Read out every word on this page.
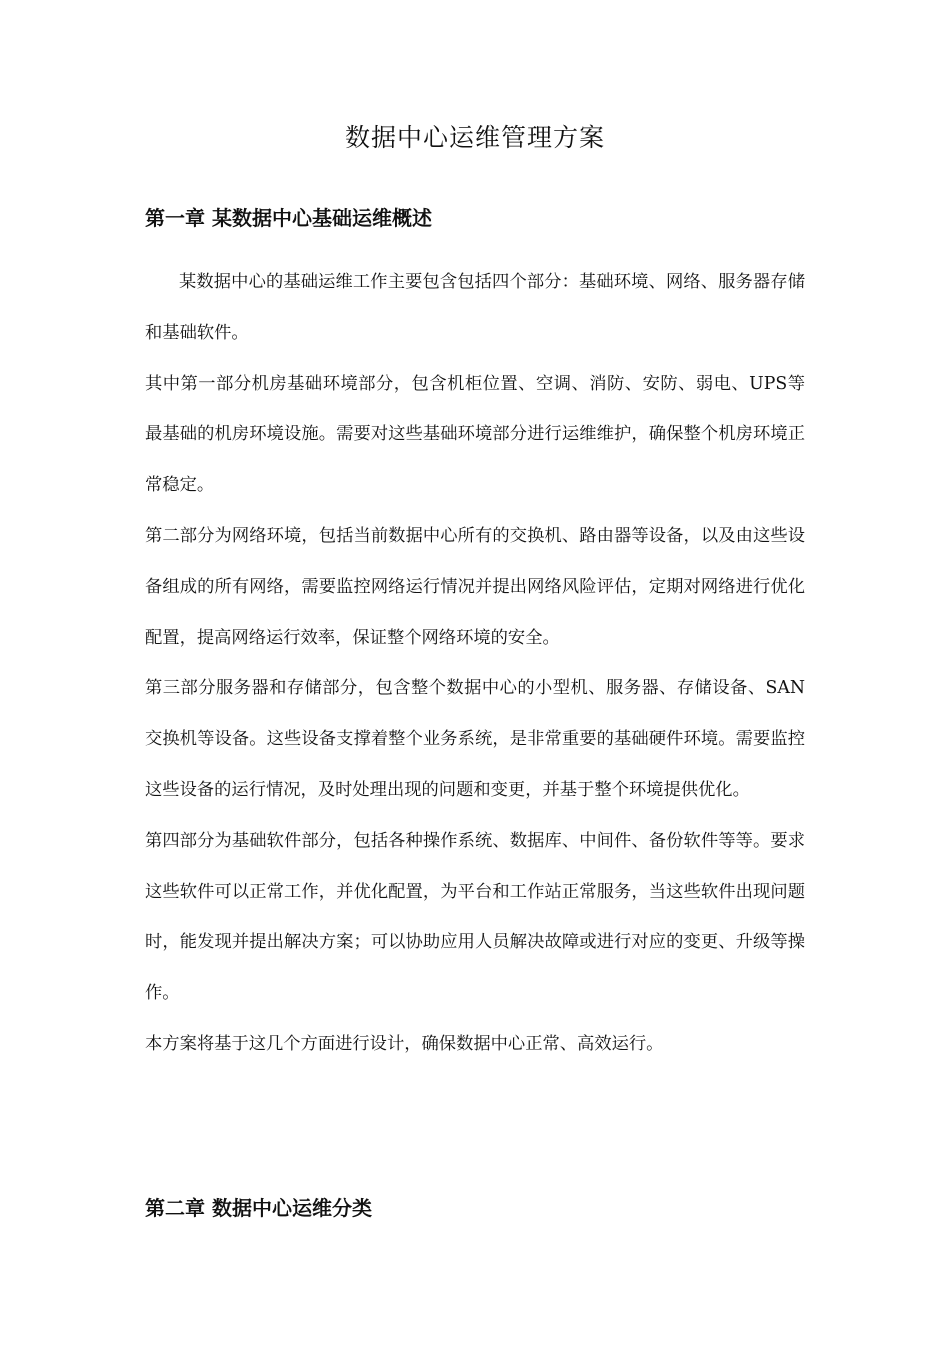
数据中心运维管理方案
第一章 某数据中心基础运维概述

某数据中心的基础运维工作主要包含包括四个部分：基础环境、网络、服务器存储和基础软件。

其中第一部分机房基础环境部分，包含机柜位置、空调、消防、安防、弱电、UPS等最基础的机房环境设施。需要对这些基础环境部分进行运维维护，确保整个机房环境正常稳定。

第二部分为网络环境，包括当前数据中心所有的交换机、路由器等设备，以及由这些设备组成的所有网络，需要监控网络运行情况并提出网络风险评估，定期对网络进行优化配置，提高网络运行效率，保证整个网络环境的安全。

第三部分服务器和存储部分，包含整个数据中心的小型机、服务器、存储设备、SAN交换机等设备。这些设备支撑着整个业务系统，是非常重要的基础硬件环境。需要监控这些设备的运行情况，及时处理出现的问题和变更，并基于整个环境提供优化。

第四部分为基础软件部分，包括各种操作系统、数据库、中间件、备份软件等等。要求这些软件可以正常工作，并优化配置，为平台和工作站正常服务，当这些软件出现问题时，能发现并提出解决方案；可以协助应用人员解决故障或进行对应的变更、升级等操作。

本方案将基于这几个方面进行设计，确保数据中心正常、高效运行。

第二章 数据中心运维分类
